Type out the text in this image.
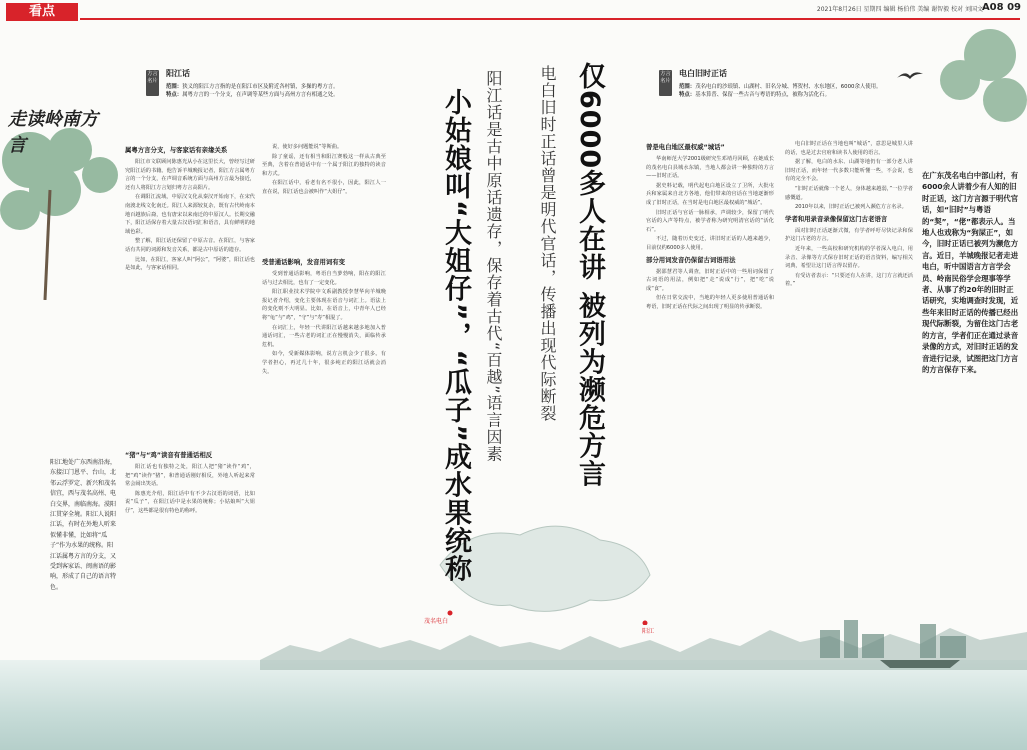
看点	2021年8月26日 星期四 编辑 杨伯伟 美编 谢智毅 校对 刘国文
A08 09
走读岭南方言
茂名电白
阳江
方言名片
阳江话
范围：狭义的阳江方言指的是在阳江市区及附近各村镇，多操的粤方言。
特点：属粤方言的一个分支，在声调等某些方面与高州方言有相通之处。
方言名片
电白旧时正话
范围：茂名电白的沙琅镇、山湖村、旧名分城、博贺村、水东地区，6000余人使用。
特点：基本算普、保留一些古音与粤语的特点，被称为活化石。
阳江话是古中原话遗存，保存着古代“百越”语言因素
小姑娘叫“大姐仔”，“瓜子”成水果统称	电白旧时正话曾是明代官话，传播出现代际断裂 仅6000多人在讲 被列为濒危方言
阳江地处广东西南沿海，东接江门恩平、台山，北邻云浮罗定、新兴和茂名信宜，西与茂名高州、电白交界，南临南海。漠阳江贯穿全境。阳江人说阳江话，有时在外地人听来似懂非懂，比如将“瓜子”作为水果的统称。阳江话属粤方言的分支，又受到客家话、闽南语的影响，形成了自己的语言特色。
属粤方言分支，与客家话有亲缘关系

阳江市文联顾问陈惠光从小在这里长大，曾经写过研究阳江话的书籍。他告诉羊城晚报记者，阳江方言属粤方言的一个分支，在声调音系统方面与高州方言最为接近，还有人将阳江方言划归粤方言高阳片。

在调阳江流域，中原汉文化从秦汉开始南下，在宋代南渡北线文化南迁。阳江人来源较复杂，既有古代岭南本地百越族后裔，也有唐宋以来南迁的中原汉人。长期交融下，阳江话保存着大量古汉语词汇和语音，具有鲜明的地域色彩。

整了解，阳江话还保留了中原古音。在阳江，与客家话有共同的词源和发音关系，都是古中原话的遗存。

比如，在阳江，客家人叫“阿公”，“阿婆”，阳江话也是如此，与客家话相同。

“猪”与“鸡”读音有普通话相反

阳江话也有独特之处，阳江人把“猪”读作“鸡”，把“鸡”读作“猪”，和普通话刚好相反，外地人听起来常常会闹出笑话。

陈惠光介绍，阳江话中有不少古汉语的词语，比如说“瓜子”，在阳江话中是水果的统称；小姑娘叫“大姐仔”，这些都是很有特色的称呼。

说，使好多问题能说“等斯曲。

除了童谣，还有相当和阳江赛般这一样从古典至至典，含着在普通话中有一个属于阳江的独特的读音和方式。

在阳江话中，看老有名不很小，因此，阳江人一直在说，阳江话也会被叫作“大姐仔”。

受普通话影响，发音用词有变

受到普通话影响，粤语自当萝勃响，阳在的阳江话与过去相比，也有了一定变化。

阳江职业技术学院中文系副教授李慧华向羊城晚报记者介绍，变化主要体现在语音与词汇上。语法上的变化则不大明显。比如，在语音上，中青年人已经将“龟”与“鸡”，“守”与“寿”相混了。

在词汇上，年轻一代讲阳江话越来越多地加入普通话词汇，一些古老的词汇正在慢慢消失，面临传承危机。

如今，受新媒体影响，说方言机会少了很多。有学者担心，再过几十年，很多纯正的阳江话就会消失。

曾是电白地区最权威“城话”

华南师范大学2001级研究生邓靖丹回顾，在她成长的茂名电白县城水东镇，当地人都会讲一种独特的方言——旧时正话。

据史料记载，明代起电白地区设立了卫所，大批屯兵和家属来自北方各地，他们带来的官话在当地逐渐形成了旧时正话，在当时是电白地区最权威的“城话”。

旧时正话与官话一脉相承，声调较少，保留了明代官话的入声等特点，被学者称为研究明清官话的“活化石”。

不过，随着历史变迁，讲旧时正话的人越来越少，目前仅约6000多人使用。

部分用词发音仍保留古词语用法

据邵慧君等人调查，旧时正话中的一些用词保留了古词语的用法，例如把“走”说成“行”，把“吃”说成“食”。

但在日常交流中，当地的年轻人更多使用普通话和粤语，旧时正话在代际之间出现了明显的传承断裂。

电白旧时正话在当地也叫“城话”，意思是城里人讲的话，也是过去官府和读书人使用的语言。

据了解，电白的水东、山湖等地仍有一部分老人讲旧时正话，而年轻一代多数只能听懂一些，不会说，也有的完全不会。

“旧时正话就像一个老人，身体越来越弱，”一位学者感慨道。

2010年以来，旧时正话已被列入濒危方言名录。

学者和用录音录像保留这门古老语言

面对旧时正话逐渐式微，有学者呼吁尽快记录和保护这门古老的方言。

近年来，一些高校和研究机构的学者深入电白，用录音、录像等方式保存旧时正话的语音资料，编写相关词典，希望让这门语言得以留存。

有受访者表示：“只要还有人在讲，这门方言就还活着。”

在广东茂名电白中部山村，有6000余人讲着少有人知的旧时正话，这门方言源于明代官话，如“旧时”与粤语的“契”，“佬”都表示人。当地人也戏称为“狗屎正”，如今，旧时正话已被列为濒危方言。近日，羊城晚报记者走进电白，听中国语言方言学会员、岭南民俗学会理事等学者、从事了约20年的旧时正话研究，实地调查时发现，近些年来旧时正话的传播已经出现代际断裂，为留住这门古老的方言，学者们正在通过录音录像的方式，对旧时正话的发音进行记录，试图把这门方言的方言保存下来。
